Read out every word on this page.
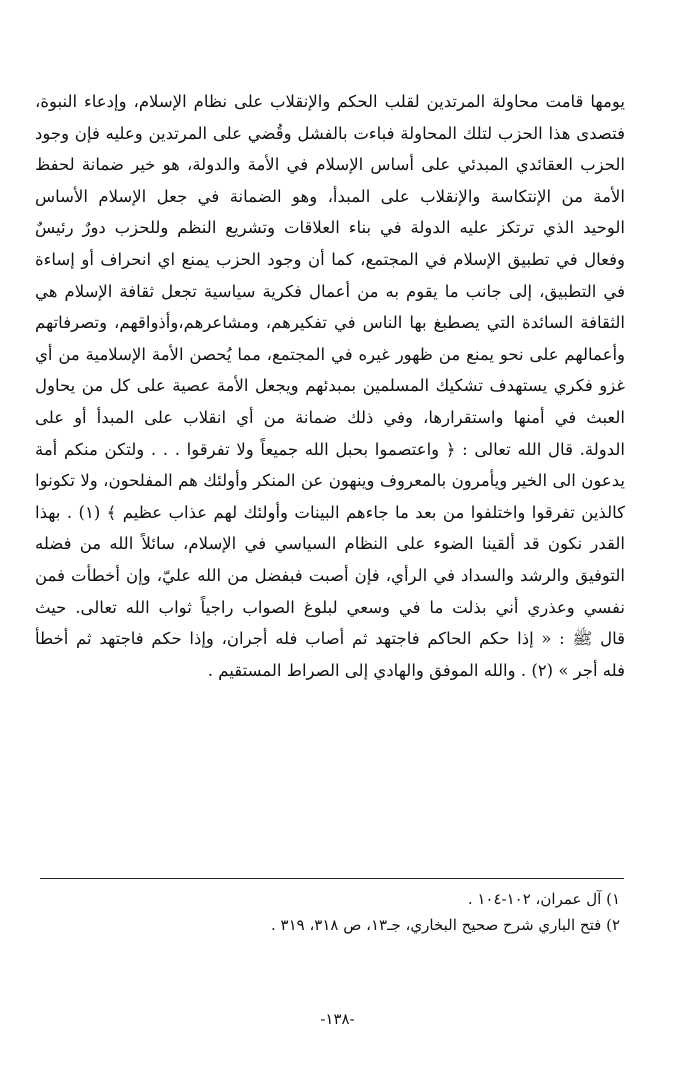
يومها قامت محاولة المرتدين لقلب الحكم والإنقلاب على نظام الإسلام، وإدعاء النبوة،
فتصدى هذا الحزب لتلك المحاولة فباءت بالفشل وقُضي على المرتدين وعليه فإن وجود
الحزب العقائدي المبدئي على أساس الإسلام في الأمة والدولة، هو خير ضمانة لحفظ
الأمة من الإنتكاسة والإنقلاب على المبدأ، وهو الضمانة في جعل الإسلام الأساس
الوحيد الذي ترتكز عليه الدولة في بناء العلاقات وتشريع النظم وللحزب دورٌ رئيسٌ
وفعال في تطبيق الإسلام في المجتمع، كما أن وجود الحزب يمنع اي انحراف أو إساءة
في التطبيق، إلى جانب ما يقوم به من أعمال فكرية سياسية تجعل ثقافة الإسلام هي
الثقافة السائدة التي يصطبغ بها الناس في تفكيرهم، ومشاعرهم،وأذواقهم، وتصرفاتهم
وأعمالهم على نحو يمنع من ظهور غيره في المجتمع، مما يُحصن الأمة الإسلامية من أي
غزو فكري يستهدف تشكيك المسلمين بمبدئهم ويجعل الأمة عصية على كل من يحاول
العبث في أمنها واستقرارها، وفي ذلك ضمانة من أي انقلاب على المبدأ أو على
الدولة. قال الله تعالى : ﴿ واعتصموا بحبل الله جميعاً ولا تفرقوا . . . ولتكن منكم أمة
يدعون الى الخير ويأمرون بالمعروف وينهون عن المنكر وأولئك هم المفلحون، ولا تكونوا
كالذين تفرقوا واختلفوا من بعد ما جاءهم البينات وأولئك لهم عذاب عظيم ﴾ (١) . بهذا
القدر نكون قد ألقينا الضوء على النظام السياسي في الإسلام، سائلاً الله من فضله
التوفيق والرشد والسداد في الرأي، فإن أصبت فبفضل من الله عليّ، وإن أخطأت فمن
نفسي وعذري أني بذلت ما في وسعي لبلوغ الصواب راجياً ثواب الله تعالى. حيث
قال ﷺ : « إذا حكم الحاكم فاجتهد ثم أصاب فله أجران، وإذا حكم فاجتهد ثم أخطأ
فله أجر » (٢) . والله الموفق والهادي إلى الصراط المستقيم .
١) آل عمران، ١٠٢-١٠٤ .
٢) فتح الباري شرح صحيح البخاري، جـ١٣، ص ٣١٨، ٣١٩ .
-١٣٨-
